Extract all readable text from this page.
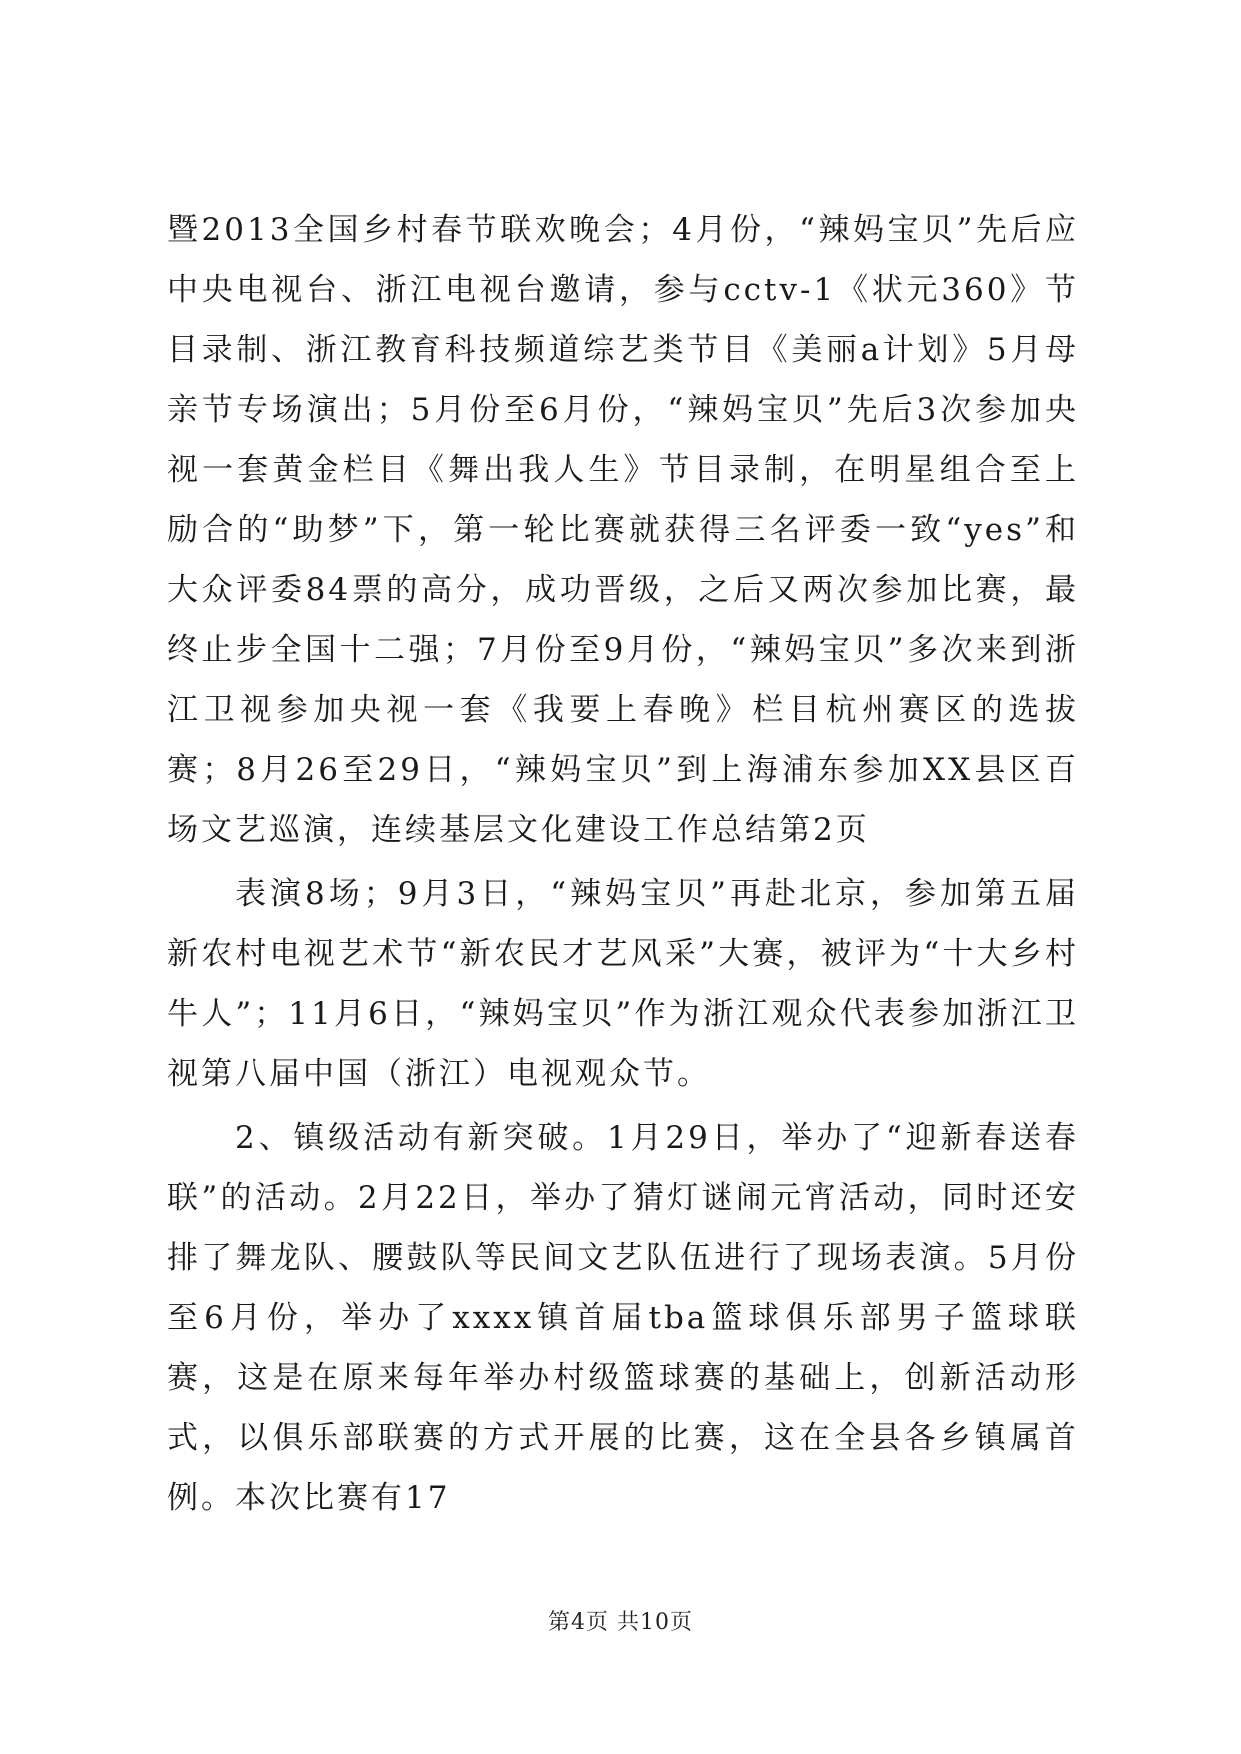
暨2013全国乡村春节联欢晚会；4月份，“辣妈宝贝”先后应中央电视台、浙江电视台邀请，参与cctv-1《状元360》节目录制、浙江教育科技频道综艺类节目《美丽a计划》5月母亲节专场演出；5月份至6月份，“辣妈宝贝”先后3次参加央视一套黄金栏目《舞出我人生》节目录制，在明星组合至上励合的“助梦”下，第一轮比赛就获得三名评委一致“yes”和大众评委84票的高分，成功晋级，之后又两次参加比赛，最终止步全国十二强；7月份至9月份，“辣妈宝贝”多次来到浙江卫视参加央视一套《我要上春晚》栏目杭州赛区的选拔赛；8月26至29日，“辣妈宝贝”到上海浦东参加XX县区百场文艺巡演，连续基层文化建设工作总结第2页

表演8场；9月3日，“辣妈宝贝”再赴北京，参加第五届新农村电视艺术节“新农民才艺风采”大赛，被评为“十大乡村牛人”；11月6日，“辣妈宝贝”作为浙江观众代表参加浙江卫视第八届中国（浙江）电视观众节。

2、镇级活动有新突破。1月29日，举办了“迎新春送春联”的活动。2月22日，举办了猜灯谜闹元宵活动，同时还安排了舞龙队、腰鼓队等民间文艺队伍进行了现场表演。5月份至6月份，举办了xxxx镇首届tba篮球俱乐部男子篮球联赛，这是在原来每年举办村级篮球赛的基础上，创新活动形式，以俱乐部联赛的方式开展的比赛，这在全县各乡镇属首例。本次比赛有17

第4页 共10页
